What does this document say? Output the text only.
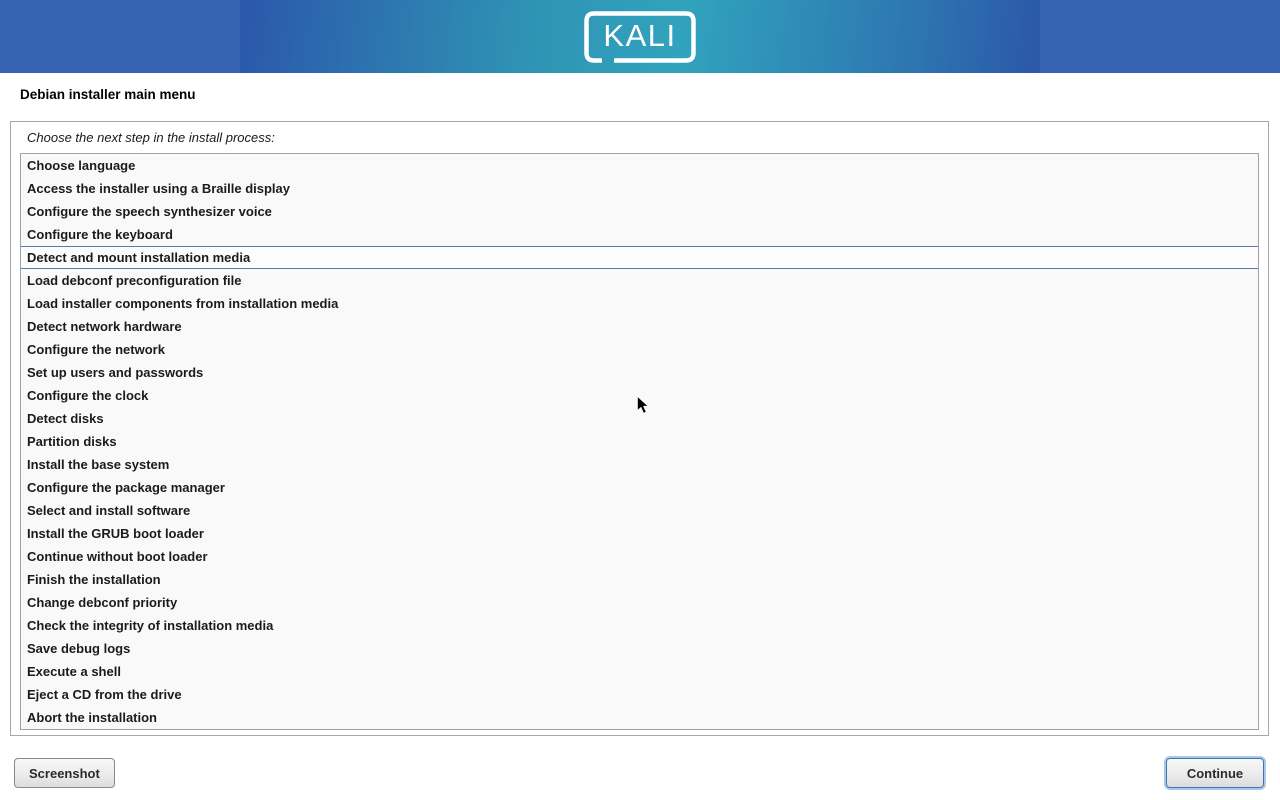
KALI
Debian installer main menu
Choose the next step in the install process:
Choose language
Access the installer using a Braille display
Configure the speech synthesizer voice
Configure the keyboard
Detect and mount installation media
Load debconf preconfiguration file
Load installer components from installation media
Detect network hardware
Configure the network
Set up users and passwords
Configure the clock
Detect disks
Partition disks
Install the base system
Configure the package manager
Select and install software
Install the GRUB boot loader
Continue without boot loader
Finish the installation
Change debconf priority
Check the integrity of installation media
Save debug logs
Execute a shell
Eject a CD from the drive
Abort the installation
Screenshot	Continue
